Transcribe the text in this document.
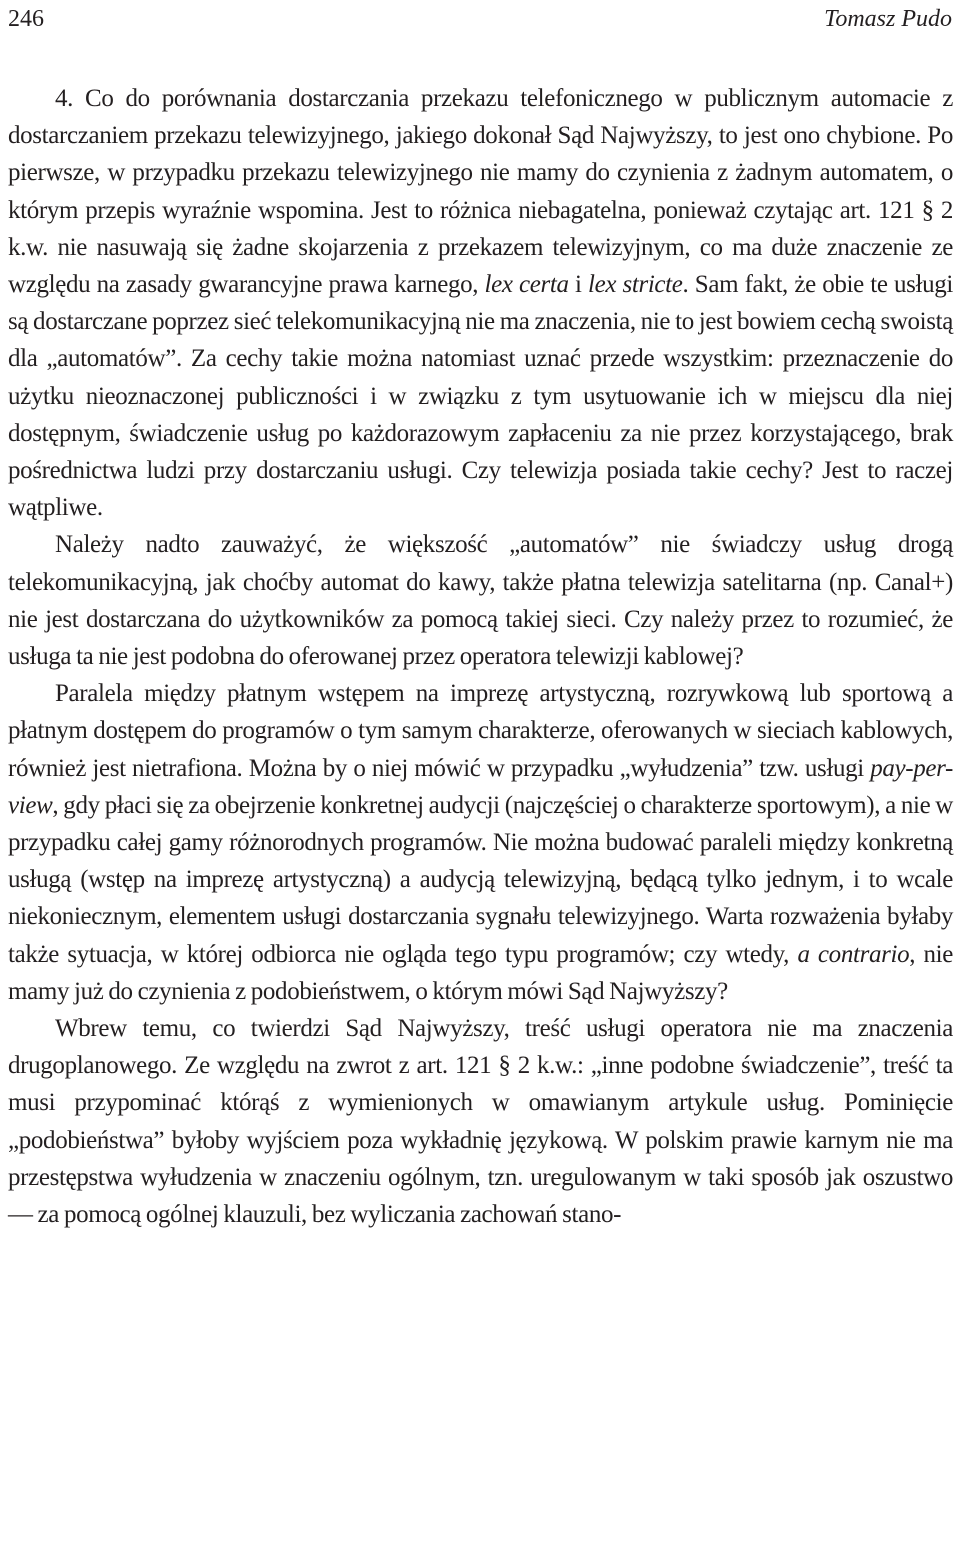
246	Tomasz Pudo

4. Co do porównania dostarczania przekazu telefonicznego w publicznym automacie z dostarczaniem przekazu telewizyjnego, jakiego dokonał Sąd Najwyższy, to jest ono chybione. Po pierwsze, w przypadku przekazu telewizyjnego nie mamy do czynienia z żadnym automatem, o którym przepis wyraźnie wspomina. Jest to różnica niebagatelna, ponieważ czytając art. 121 § 2 k.w. nie nasuwają się żadne skojarzenia z przekazem telewizyjnym, co ma duże znaczenie ze względu na zasady gwarancyjne prawa karnego, lex certa i lex stricte. Sam fakt, że obie te usługi są dostarczane poprzez sieć telekomunikacyjną nie ma znaczenia, nie to jest bowiem cechą swoistą dla „automatów”. Za cechy takie można natomiast uznać przede wszystkim: przeznaczenie do użytku nieoznaczonej publiczności i w związku z tym usytuowanie ich w miejscu dla niej dostępnym, świadczenie usług po każdorazowym zapłaceniu za nie przez korzystającego, brak pośrednictwa ludzi przy dostarczaniu usługi. Czy telewizja posiada takie cechy? Jest to raczej wątpliwe.

Należy nadto zauważyć, że większość „automatów” nie świadczy usług drogą telekomunikacyjną, jak choćby automat do kawy, także płatna telewizja satelitarna (np. Canal+) nie jest dostarczana do użytkowników za pomocą takiej sieci. Czy należy przez to rozumieć, że usługa ta nie jest podobna do oferowanej przez operatora telewizji kablowej?

Paralela między płatnym wstępem na imprezę artystyczną, rozrywkową lub sportową a płatnym dostępem do programów o tym samym charakterze, oferowanych w sieciach kablowych, również jest nietrafiona. Można by o niej mówić w przypadku „wyłudzenia” tzw. usługi pay-per-view, gdy płaci się za obejrzenie konkretnej audycji (najczęściej o charakterze sportowym), a nie w przypadku całej gamy różnorodnych programów. Nie można budować paraleli między konkretną usługą (wstęp na imprezę artystyczną) a audycją telewizyjną, będącą tylko jednym, i to wcale niekoniecznym, elementem usługi dostarczania sygnału telewizyjnego. Warta rozważenia byłaby także sytuacja, w której odbiorca nie ogląda tego typu programów; czy wtedy, a contrario, nie mamy już do czynienia z podobieństwem, o którym mówi Sąd Najwyższy?

Wbrew temu, co twierdzi Sąd Najwyższy, treść usługi operatora nie ma znaczenia drugoplanowego. Ze względu na zwrot z art. 121 § 2 k.w.: „inne podobne świadczenie”, treść ta musi przypominać którąś z wymienionych w omawianym artykule usług. Pominięcie „podobieństwa” byłoby wyjściem poza wykładnię językową. W polskim prawie karnym nie ma przestępstwa wyłudzenia w znaczeniu ogólnym, tzn. uregulowanym w taki sposób jak oszustwo — za pomocą ogólnej klauzuli, bez wyliczania zachowań stano-
